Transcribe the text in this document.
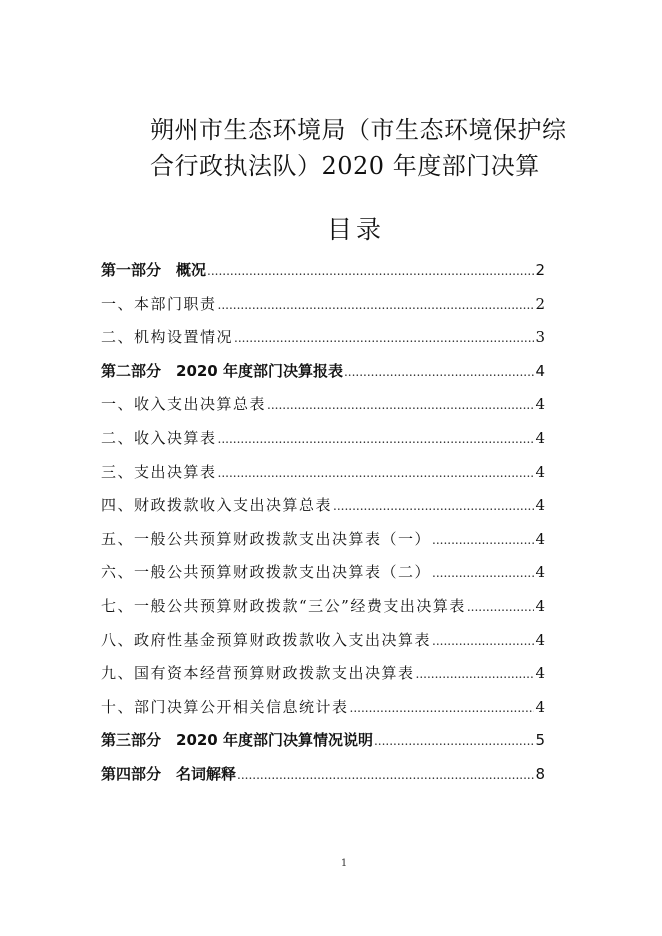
朔州市生态环境局（市生态环境保护综
合行政执法队）2020 年度部门决算
目录
第一部分　概况 .....	2
一、本部门职责 .....	2
二、机构设置情况 .....	3
第二部分　2020 年度部门决算报表 .....	4
一、收入支出决算总表 .....	4
二、收入决算表 .....	4
三、支出决算表 .....	4
四、财政拨款收入支出决算总表 .....	4
五、一般公共预算财政拨款支出决算表（一） .....	4
六、一般公共预算财政拨款支出决算表（二） .....	4
七、一般公共预算财政拨款“三公”经费支出决算表 .....	4
八、政府性基金预算财政拨款收入支出决算表 .....	4
九、国有资本经营预算财政拨款支出决算表 .....	4
十、部门决算公开相关信息统计表 .....	4
第三部分　2020 年度部门决算情况说明 .....	5
第四部分　名词解释 .....	8
1
